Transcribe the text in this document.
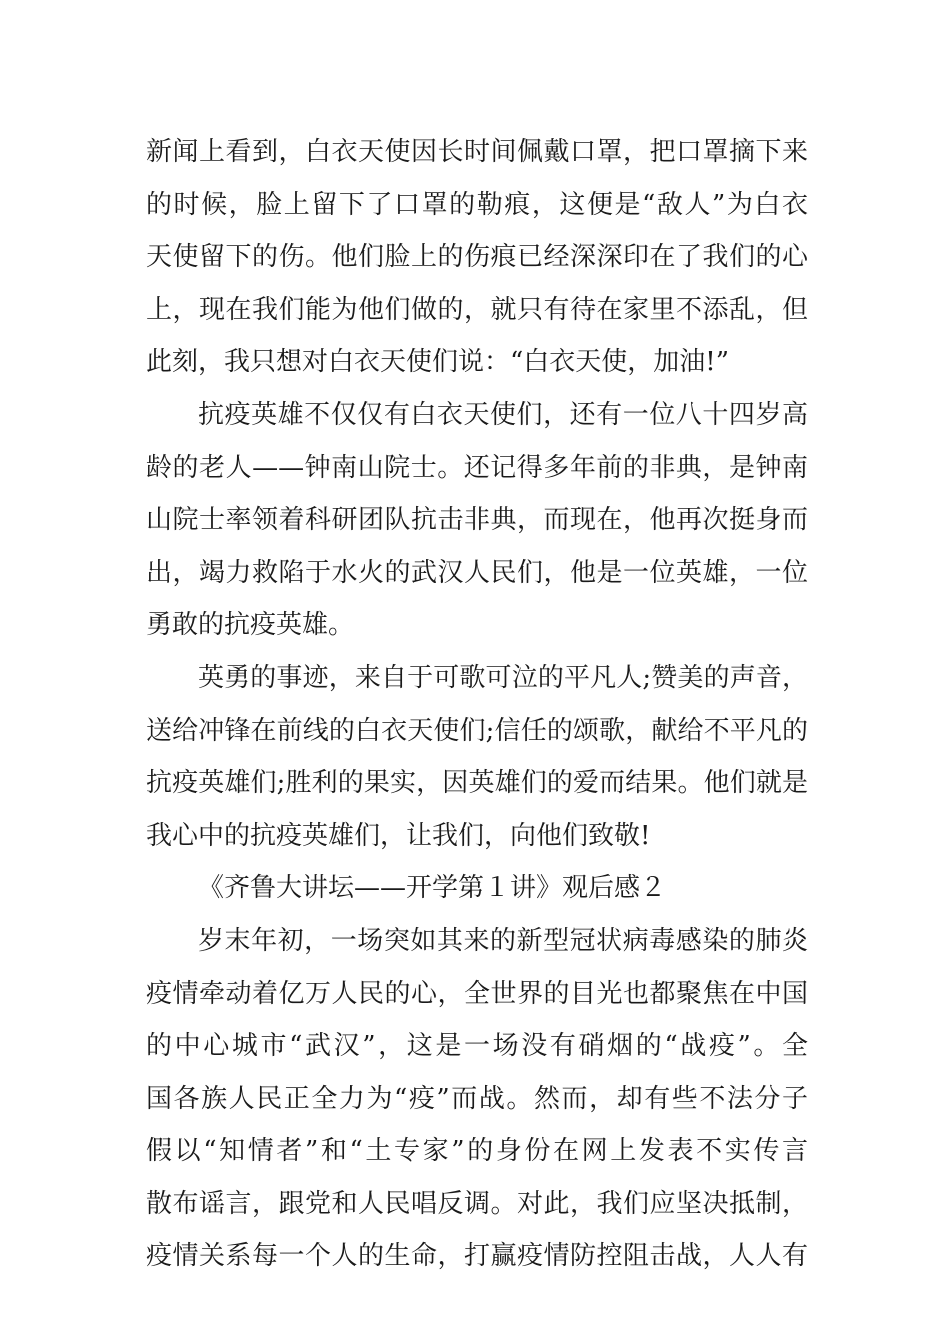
新闻上看到，白衣天使因长时间佩戴口罩，把口罩摘下来
的时候，脸上留下了口罩的勒痕，这便是“敌人”为白衣
天使留下的伤。他们脸上的伤痕已经深深印在了我们的心
上，现在我们能为他们做的，就只有待在家里不添乱，但
此刻，我只想对白衣天使们说：“白衣天使，加油!”
抗疫英雄不仅仅有白衣天使们，还有一位八十四岁高
龄的老人——钟南山院士。还记得多年前的非典，是钟南
山院士率领着科研团队抗击非典，而现在，他再次挺身而
出，竭力救陷于水火的武汉人民们，他是一位英雄，一位
勇敢的抗疫英雄。
英勇的事迹，来自于可歌可泣的平凡人;赞美的声音，
送给冲锋在前线的白衣天使们;信任的颂歌，献给不平凡的
抗疫英雄们;胜利的果实，因英雄们的爱而结果。他们就是
我心中的抗疫英雄们，让我们，向他们致敬!
《齐鲁大讲坛——开学第１讲》观后感２
岁末年初，一场突如其来的新型冠状病毒感染的肺炎
疫情牵动着亿万人民的心，全世界的目光也都聚焦在中国
的中心城市“武汉”，这是一场没有硝烟的“战疫”。全
国各族人民正全力为“疫”而战。然而，却有些不法分子
假以“知情者”和“土专家”的身份在网上发表不实传言
散布谣言，跟党和人民唱反调。对此，我们应坚决抵制，
疫情关系每一个人的生命，打赢疫情防控阻击战，人人有
